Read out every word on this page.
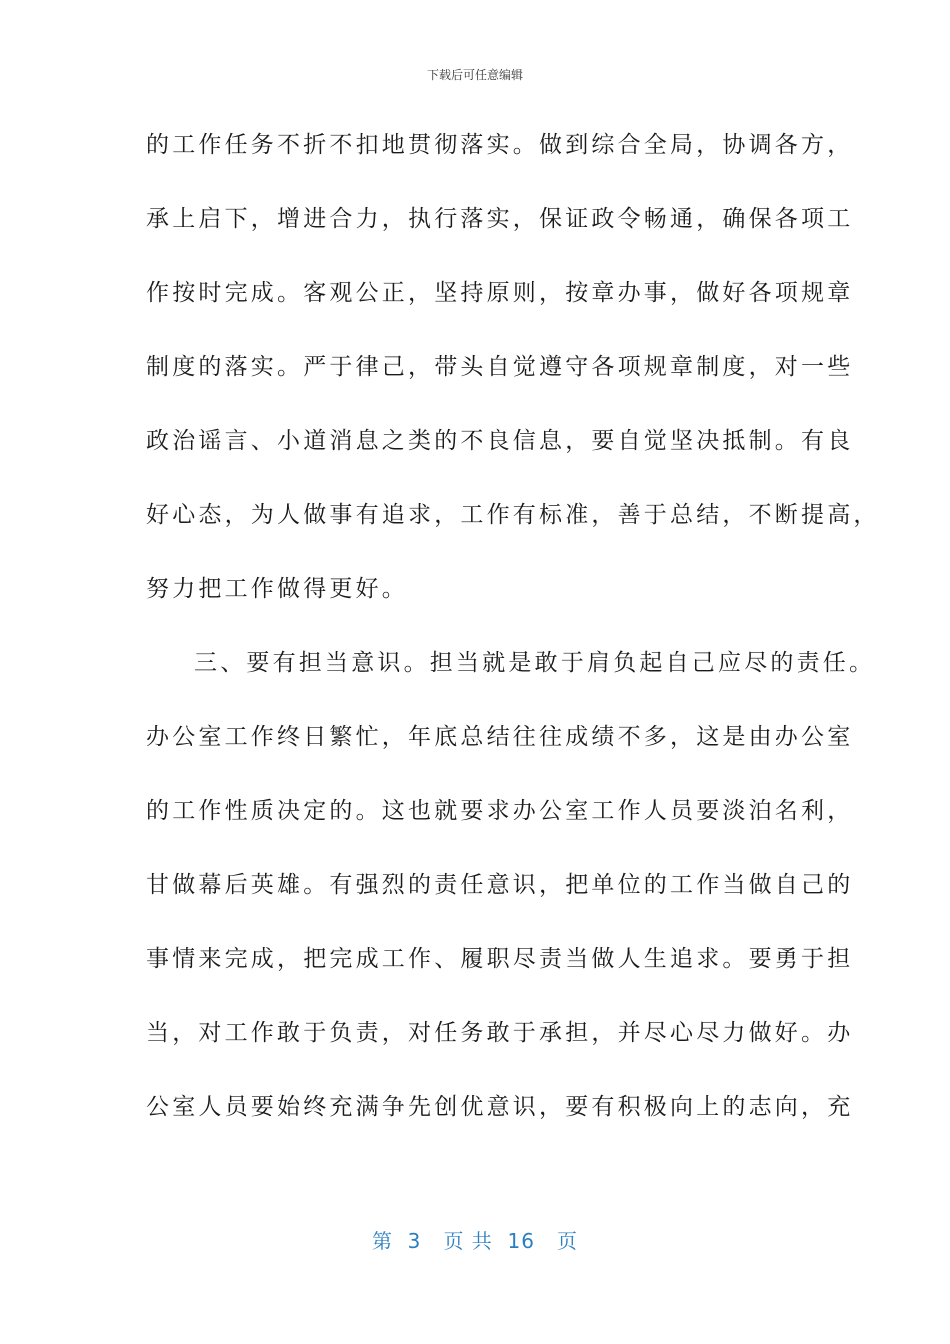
下载后可任意编辑
的工作任务不折不扣地贯彻落实。做到综合全局，协调各方，
承上启下，增进合力，执行落实，保证政令畅通，确保各项工
作按时完成。客观公正，坚持原则，按章办事，做好各项规章
制度的落实。严于律己，带头自觉遵守各项规章制度，对一些
政治谣言、小道消息之类的不良信息，要自觉坚决抵制。有良
好心态，为人做事有追求，工作有标准，善于总结，不断提高，
努力把工作做得更好。
三、要有担当意识。担当就是敢于肩负起自己应尽的责任。
办公室工作终日繁忙，年底总结往往成绩不多，这是由办公室
的工作性质决定的。这也就要求办公室工作人员要淡泊名利，
甘做幕后英雄。有强烈的责任意识，把单位的工作当做自己的
事情来完成，把完成工作、履职尽责当做人生追求。要勇于担
当，对工作敢于负责，对任务敢于承担，并尽心尽力做好。办
公室人员要始终充满争先创优意识，要有积极向上的志向，充
第  3   页 共  16   页
